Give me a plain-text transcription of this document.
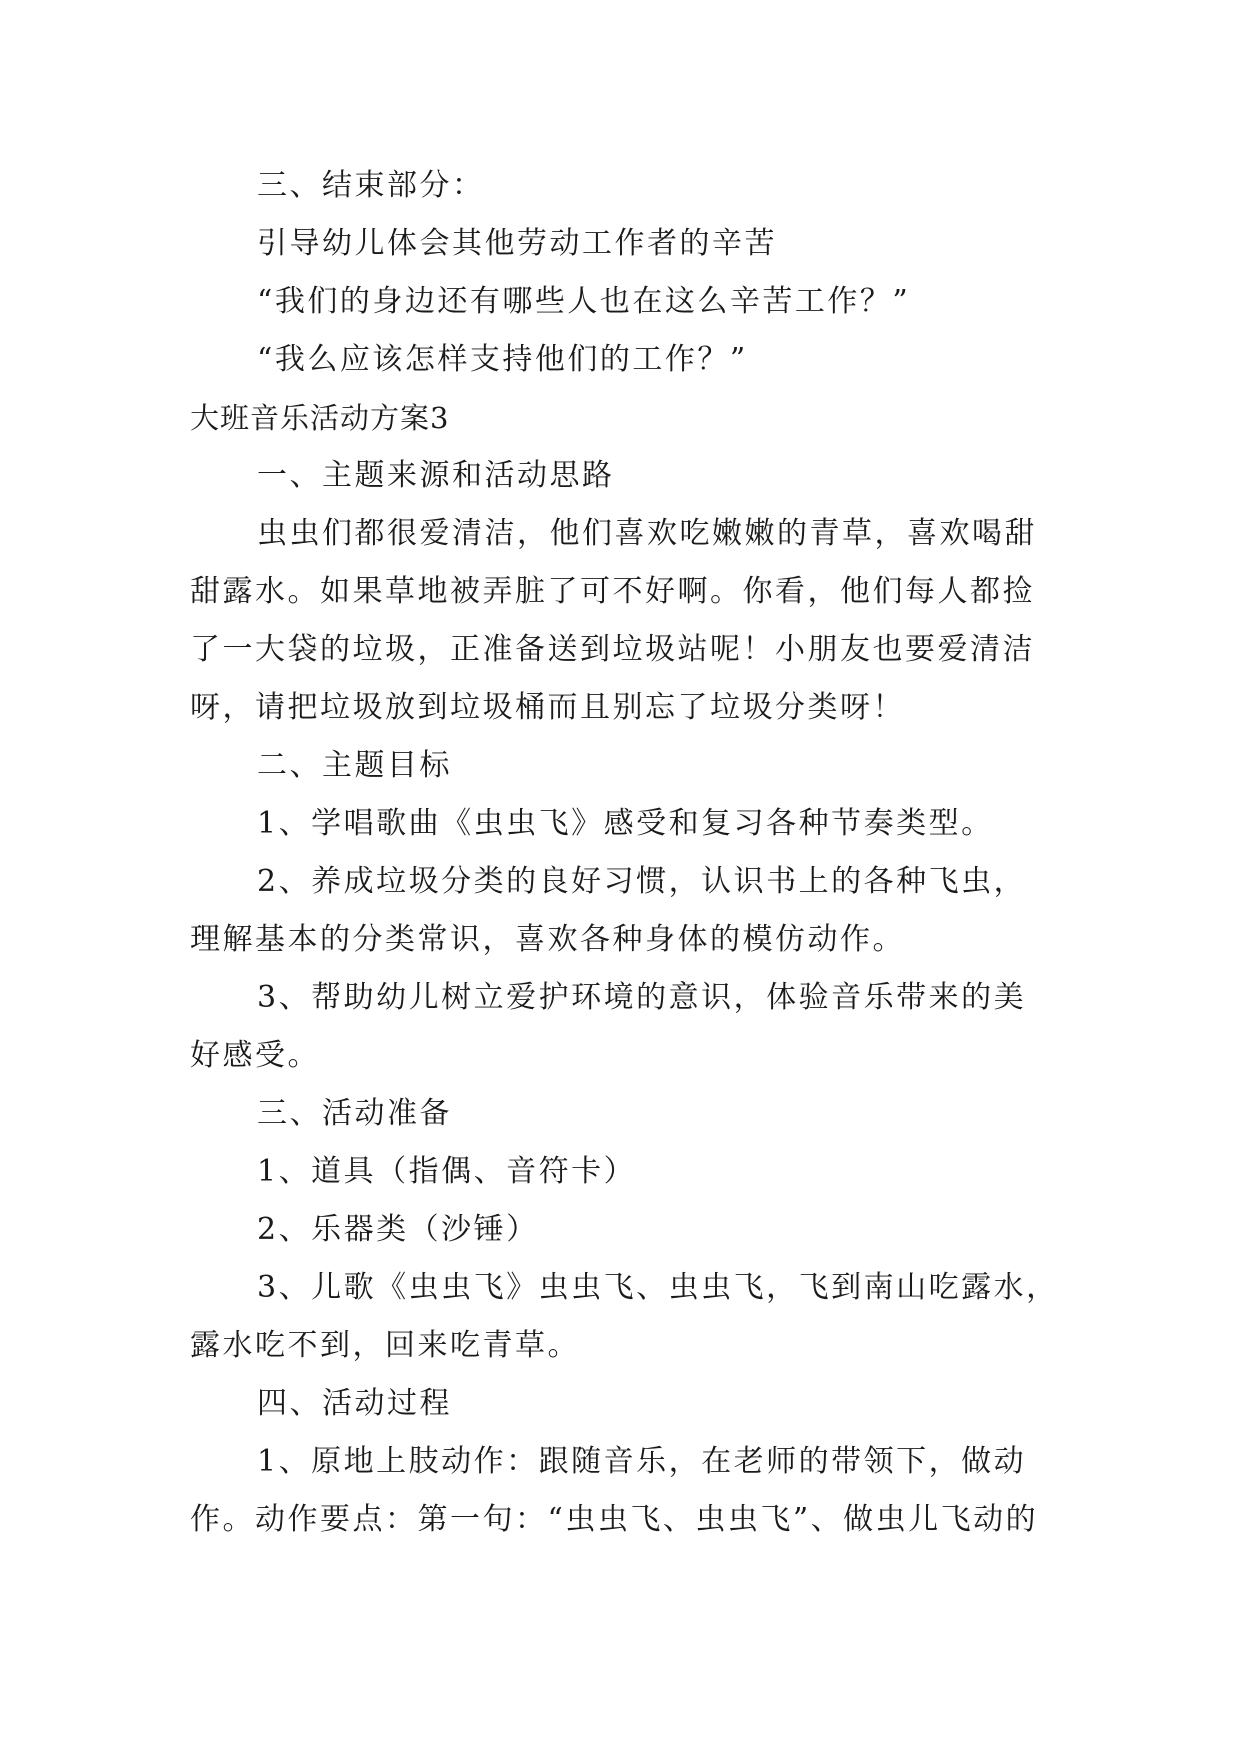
三、结束部分：
引导幼儿体会其他劳动工作者的辛苦
“我们的身边还有哪些人也在这么辛苦工作？”
“我么应该怎样支持他们的工作？”
大班音乐活动方案3
一、主题来源和活动思路
虫虫们都很爱清洁，他们喜欢吃嫩嫩的青草，喜欢喝甜
甜露水。如果草地被弄脏了可不好啊。你看，他们每人都捡
了一大袋的垃圾，正准备送到垃圾站呢！小朋友也要爱清洁
呀，请把垃圾放到垃圾桶而且别忘了垃圾分类呀！
二、主题目标
1、学唱歌曲《虫虫飞》感受和复习各种节奏类型。
2、养成垃圾分类的良好习惯，认识书上的各种飞虫，
理解基本的分类常识，喜欢各种身体的模仿动作。
3、帮助幼儿树立爱护环境的意识，体验音乐带来的美
好感受。
三、活动准备
1、道具（指偶、音符卡）
2、乐器类（沙锤）
3、儿歌《虫虫飞》虫虫飞、虫虫飞，飞到南山吃露水，
露水吃不到，回来吃青草。
四、活动过程
1、原地上肢动作：跟随音乐，在老师的带领下，做动
作。动作要点：第一句：“虫虫飞、虫虫飞”、做虫儿飞动的
